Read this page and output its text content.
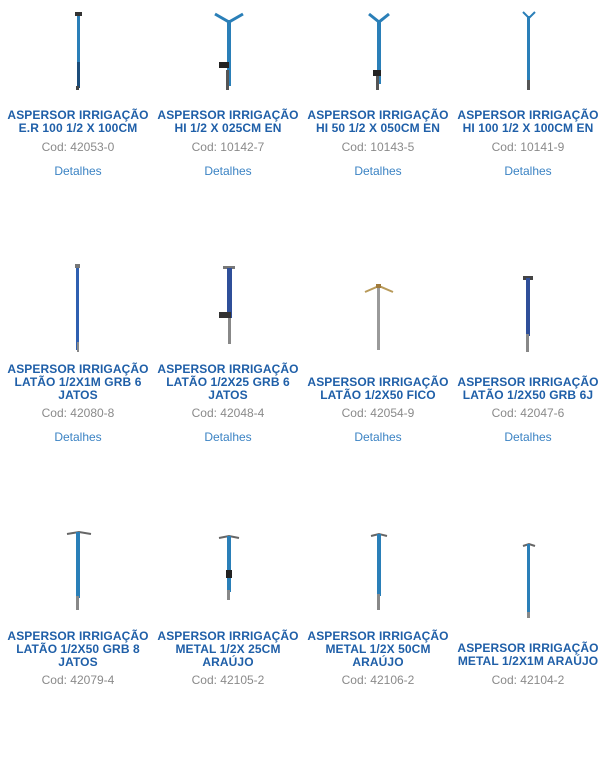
ASPERSOR IRRIGAÇÃO E.R 100 1/2 X 100CM
Cod: 42053-0
Detalhes
ASPERSOR IRRIGAÇÃO HI 1/2 X 025CM EN
Cod: 10142-7
Detalhes
ASPERSOR IRRIGAÇÃO HI 50 1/2 X 050CM EN
Cod: 10143-5
Detalhes
ASPERSOR IRRIGAÇÃO HI 100 1/2 X 100CM EN
Cod: 10141-9
Detalhes
ASPERSOR IRRIGAÇÃO LATÃO 1/2X1M GRB 6 JATOS
Cod: 42080-8
Detalhes
ASPERSOR IRRIGAÇÃO LATÃO 1/2X25 GRB 6 JATOS
Cod: 42048-4
Detalhes
ASPERSOR IRRIGAÇÃO LATÃO 1/2X50 FICO
Cod: 42054-9
Detalhes
ASPERSOR IRRIGAÇÃO LATÃO 1/2X50 GRB 6J
Cod: 42047-6
Detalhes
ASPERSOR IRRIGAÇÃO LATÃO 1/2X50 GRB 8 JATOS
Cod: 42079-4
ASPERSOR IRRIGAÇÃO METAL 1/2X 25CM ARAÚJO
Cod: 42105-2
ASPERSOR IRRIGAÇÃO METAL 1/2X 50CM ARAÚJO
Cod: 42106-2
ASPERSOR IRRIGAÇÃO METAL 1/2X1M ARAÚJO
Cod: 42104-2
